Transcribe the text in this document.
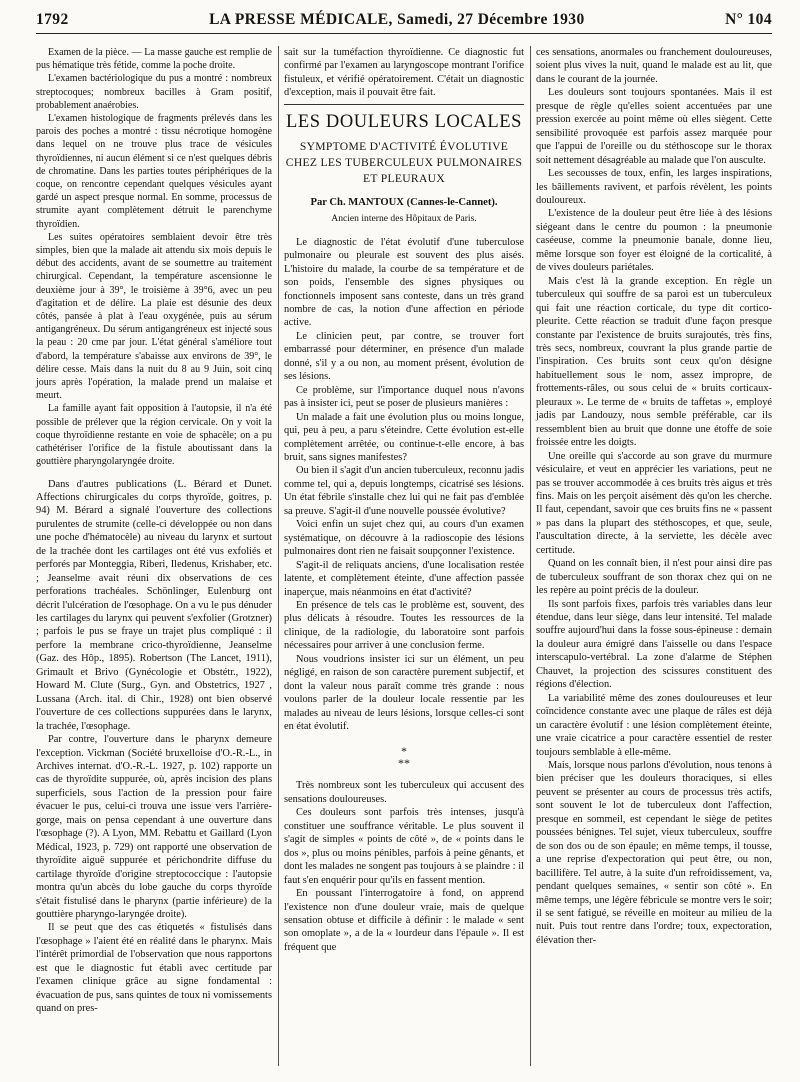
1792	LA PRESSE MÉDICALE, Samedi, 27 Décembre 1930	N° 104

Examen de la pièce. — La masse gauche est remplie de pus hématique très fétide, comme la poche droite.

L'examen bactériologique du pus a montré : nombreux streptocoques; nombreux bacilles à Gram positif, probablement anaérobies.

L'examen histologique de fragments prélevés dans les parois des poches a montré : tissu nécrotique homogène dans lequel on ne trouve plus trace de vésicules thyroïdiennes, ni aucun élément si ce n'est quelques débris de chromatine. Dans les parties toutes périphériques de la coque, on rencontre cependant quelques vésicules ayant gardé un aspect presque normal. En somme, processus de strumite ayant complètement détruit le parenchyme thyroïdien.

Les suites opératoires semblaient devoir être très simples, bien que la malade ait attendu six mois depuis le début des accidents, avant de se soumettre au traitement chirurgical. Cependant, la température ascensionne le deuxième jour à 39°, le troisième à 39°6, avec un peu d'agitation et de délire. La plaie est désunie des deux côtés, pansée à plat à l'eau oxygénée, puis au sérum antigangréneux. Du sérum antigangréneux est injecté sous la peau : 20 cme par jour. L'état général s'améliore tout d'abord, la température s'abaisse aux environs de 39°, le délire cesse. Mais dans la nuit du 8 au 9 Juin, soit cinq jours après l'opération, la malade prend un malaise et meurt.

La famille ayant fait opposition à l'autopsie, il n'a été possible de prélever que la région cervicale. On y voit la coque thyroïdienne restante en voie de sphacèle; on a pu cathétériser l'orifice de la fistule aboutissant dans la gouttière pharyngolaryngée droite.

Dans d'autres publications (L. Bérard et Dunet. Affections chirurgicales du corps thyroïde, goitres, p. 94) M. Bérard a signalé l'ouverture des collections purulentes de strumite (celle-ci développée ou non dans une poche d'hématocèle) au niveau du larynx et surtout de la trachée dont les cartilages ont été vus exfoliés et perforés par Monteggia, Riberi, Iledenus, Krishaber, etc. ; Jeanselme avait réuni dix observations de ces perforations trachéales. Schönlinger, Eulenburg ont décrit l'ulcération de l'œsophage. On a vu le pus dénuder les cartilages du larynx qui peuvent s'exfolier (Grotzner) ; parfois le pus se fraye un trajet plus compliqué : il perfore la membrane crico-thyroïdienne, Jeanselme (Gaz. des Hôp., 1895). Robertson (The Lancet, 1911), Grimault et Brivo (Gynécologie et Obstétr., 1922), Howard M. Clute (Surg., Gyn. and Obstetrics, 1927 , Lussana (Arch. ital. di Chir., 1928) ont bien observé l'ouverture de ces collections suppurées dans le larynx, la trachée, l'œsophage.

Par contre, l'ouverture dans le pharynx demeure l'exception. Vickman (Société bruxelloise d'O.-R.-L., in Archives internat. d'O.-R.-L. 1927, p. 102) rapporte un cas de thyroïdite suppurée, où, après incision des plans superficiels, sous l'action de la pression pour faire évacuer le pus, celui-ci trouva une issue vers l'arrière-gorge, mais on pensa cependant à une ouverture dans l'œsophage (?). A Lyon, MM. Rebattu et Gaillard (Lyon Médical, 1923, p. 729) ont rapporté une observation de thyroïdite aiguë suppurée et périchondrite diffuse du cartilage thyroïde d'origine streptococcique : l'autopsie montra qu'un abcès du lobe gauche du corps thyroïde s'était fistulisé dans le pharynx (partie inférieure) de la gouttière pharyngo-laryngée droite).

Il se peut que des cas étiquetés « fistulisés dans l'œsophage » l'aient été en réalité dans le pharynx. Mais l'intérêt primordial de l'observation que nous rapportons est que le diagnostic fut établi avec certitude par l'examen clinique grâce au signe fondamental : évacuation de pus, sans quintes de toux ni vomissements quand on pres-

sait sur la tuméfaction thyroïdienne. Ce diagnostic fut confirmé par l'examen au laryngoscope montrant l'orifice fistuleux, et vérifié opératoirement. C'était un diagnostic d'exception, mais il pouvait être fait.

LES DOULEURS LOCALES
SYMPTOME D'ACTIVITÉ ÉVOLUTIVE
CHEZ LES TUBERCULEUX PULMONAIRES
ET PLEURAUX
Par Ch. MANTOUX (Cannes-le-Cannet).
Ancien interne des Hôpitaux de Paris.

Le diagnostic de l'état évolutif d'une tuberculose pulmonaire ou pleurale est souvent des plus aisés. L'histoire du malade, la courbe de sa température et de son poids, l'ensemble des signes physiques ou fonctionnels imposent sans conteste, dans un très grand nombre de cas, la notion d'une affection en période active.

Le clinicien peut, par contre, se trouver fort embarrassé pour déterminer, en présence d'un malade donné, s'il y a ou non, au moment présent, évolution de ses lésions.

Ce problème, sur l'importance duquel nous n'avons pas à insister ici, peut se poser de plusieurs manières :

Un malade a fait une évolution plus ou moins longue, qui, peu à peu, a paru s'éteindre. Cette évolution est-elle complètement arrêtée, ou continue-t-elle encore, à bas bruit, sans signes manifestes?

Ou bien il s'agit d'un ancien tuberculeux, reconnu jadis comme tel, qui a, depuis longtemps, cicatrisé ses lésions. Un état fébrile s'installe chez lui qui ne fait pas d'emblée sa preuve. S'agit-il d'une nouvelle poussée évolutive?

Voici enfin un sujet chez qui, au cours d'un examen systématique, on découvre à la radioscopie des lésions pulmonaires dont rien ne faisait soupçonner l'existence.

S'agit-il de reliquats anciens, d'une localisation restée latente, et complètement éteinte, d'une affection passée inaperçue, mais néanmoins en état d'activité?

En présence de tels cas le problème est, souvent, des plus délicats à résoudre. Toutes les ressources de la clinique, de la radiologie, du laboratoire sont parfois nécessaires pour arriver à une conclusion ferme.

Nous voudrions insister ici sur un élément, un peu négligé, en raison de son caractère purement subjectif, et dont la valeur nous paraît comme très grande : nous voulons parler de la douleur locale ressentie par les malades au niveau de leurs lésions, lorsque celles-ci sont en état évolutif.

*
**

Très nombreux sont les tuberculeux qui accusent des sensations douloureuses.

Ces douleurs sont parfois très intenses, jusqu'à constituer une souffrance véritable. Le plus souvent il s'agit de simples « points de côté », de « points dans le dos », plus ou moins pénibles, parfois à peine gênants, et dont les malades ne songent pas toujours à se plaindre : il faut s'en enquérir pour qu'ils en fassent mention.

En poussant l'interrogatoire à fond, on apprend l'existence non d'une douleur vraie, mais de quelque sensation obtuse et difficile à définir : le malade « sent son omoplate », a de la « lourdeur dans l'épaule ». Il est fréquent que

ces sensations, anormales ou franchement douloureuses, soient plus vives la nuit, quand le malade est au lit, que dans le courant de la journée.

Les douleurs sont toujours spontanées. Mais il est presque de règle qu'elles soient accentuées par une pression exercée au point même où elles siègent. Cette sensibilité provoquée est parfois assez marquée pour que l'appui de l'oreille ou du stéthoscope sur le thorax soit nettement désagréable au malade que l'on ausculte.

Les secousses de toux, enfin, les larges inspirations, les bâillements ravivent, et parfois révèlent, les points douloureux.

L'existence de la douleur peut être liée à des lésions siégeant dans le centre du poumon : la pneumonie caséeuse, comme la pneumonie banale, donne lieu, même lorsque son foyer est éloigné de la corticalité, à de vives douleurs pariétales.

Mais c'est là la grande exception. En règle un tuberculeux qui souffre de sa paroi est un tuberculeux qui fait une réaction corticale, du type dit cortico-pleurite. Cette réaction se traduit d'une façon presque constante par l'existence de bruits surajoutés, très fins, très secs, nombreux, couvrant la plus grande partie de l'inspiration. Ces bruits sont ceux qu'on désigne habituellement sous le nom, assez impropre, de frottements-râles, ou sous celui de « bruits corticaux-pleuraux ». Le terme de « bruits de taffetas », employé jadis par Landouzy, nous semble préférable, car ils ressemblent bien au bruit que donne une étoffe de soie froissée entre les doigts.

Une oreille qui s'accorde au son grave du murmure vésiculaire, et veut en apprécier les variations, peut ne pas se trouver accommodée à ces bruits très aigus et très fins. Mais on les perçoit aisément dès qu'on les cherche. Il faut, cependant, savoir que ces bruits fins ne « passent » pas dans la plupart des stéthoscopes, et que, seule, l'auscultation directe, à la serviette, les décèle avec certitude.

Quand on les connaît bien, il n'est pour ainsi dire pas de tuberculeux souffrant de son thorax chez qui on ne les repère au point précis de la douleur.

Ils sont parfois fixes, parfois très variables dans leur étendue, dans leur siège, dans leur intensité. Tel malade souffre aujourd'hui dans la fosse sous-épineuse : demain la douleur aura émigré dans l'aisselle ou dans l'espace interscapulo-vertébral. La zone d'alarme de Stéphen Chauvet, la projection des scissures constituent des régions d'élection.

La variabilité même des zones douloureuses et leur coïncidence constante avec une plaque de râles est déjà un caractère évolutif : une lésion complètement éteinte, une vraie cicatrice a pour caractère essentiel de rester toujours semblable à elle-même.

Mais, lorsque nous parlons d'évolution, nous tenons à bien préciser que les douleurs thoraciques, si elles peuvent se présenter au cours de processus très actifs, sont souvent le lot de tuberculeux dont l'affection, presque en sommeil, est cependant le siège de petites poussées bénignes. Tel sujet, vieux tuberculeux, souffre de son dos ou de son épaule; en même temps, il tousse, a une reprise d'expectoration qui peut être, ou non, bacillifère. Tel autre, à la suite d'un refroidissement, va, pendant quelques semaines, « sentir son côté ». En même temps, une légère fébricule se montre vers le soir; il se sent fatigué, se réveille en moiteur au milieu de la nuit. Puis tout rentre dans l'ordre; toux, expectoration, élévation ther-
